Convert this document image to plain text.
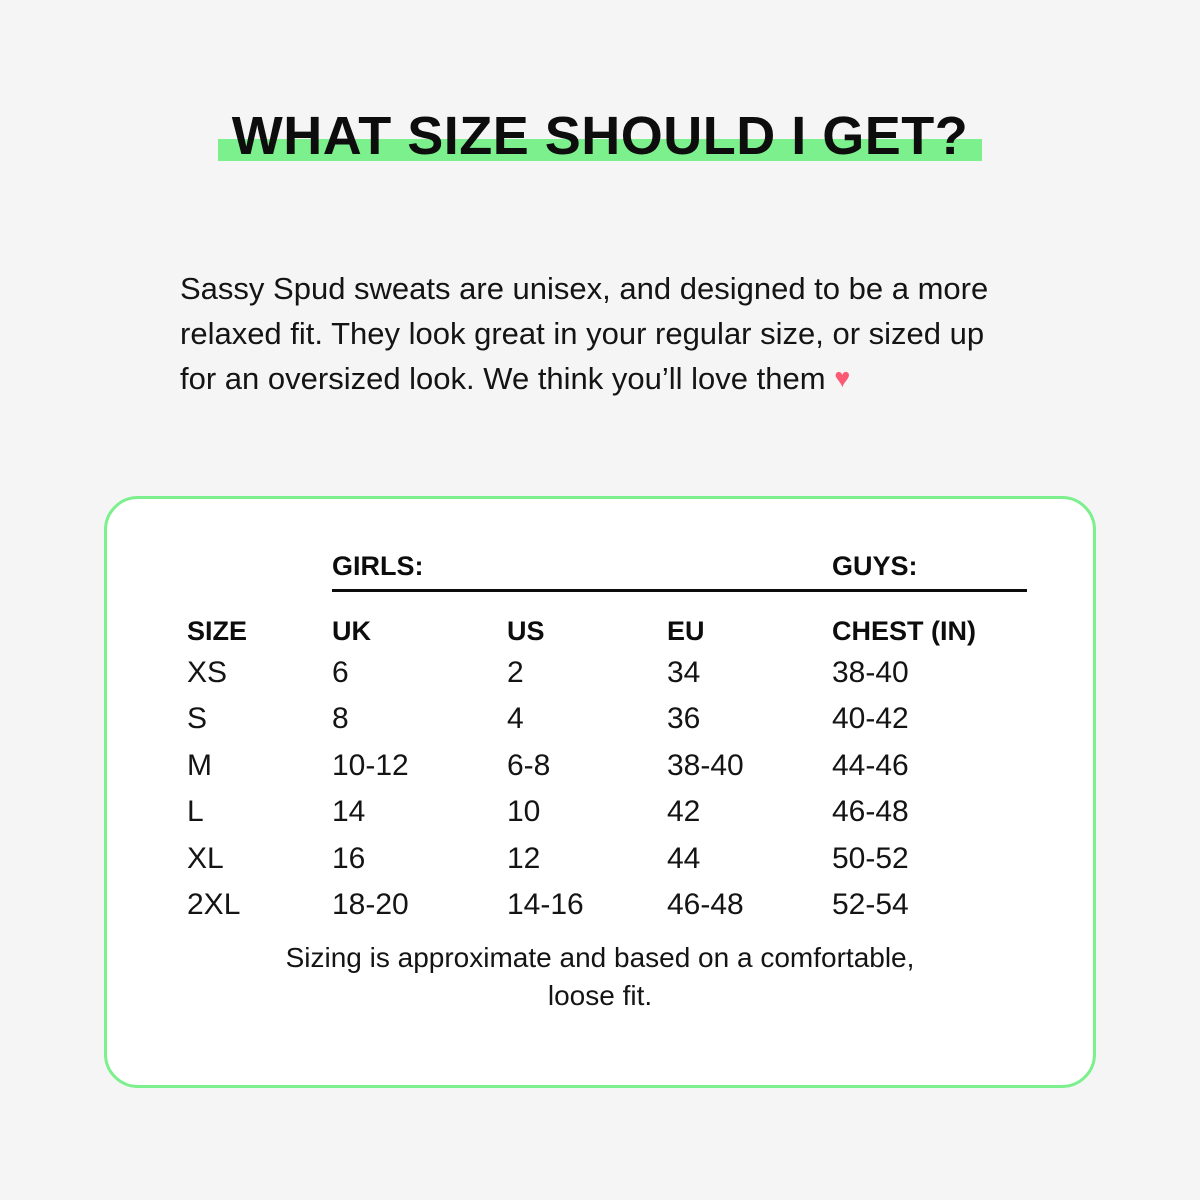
WHAT SIZE SHOULD I GET?

Sassy Spud sweats are unisex, and designed to be a more relaxed fit. They look great in your regular size, or sized up for an oversized look. We think you’ll love them ♥

GIRLS:	GUYS:
SIZE	UK	US	EU	CHEST (IN)
XS	6	2	34	38-40
S	8	4	36	40-42
M	10-12	6-8	38-40	44-46
L	14	10	42	46-48
XL	16	12	44	50-52
2XL	18-20	14-16	46-48	52-54
Sizing is approximate and based on a comfortable, loose fit.
